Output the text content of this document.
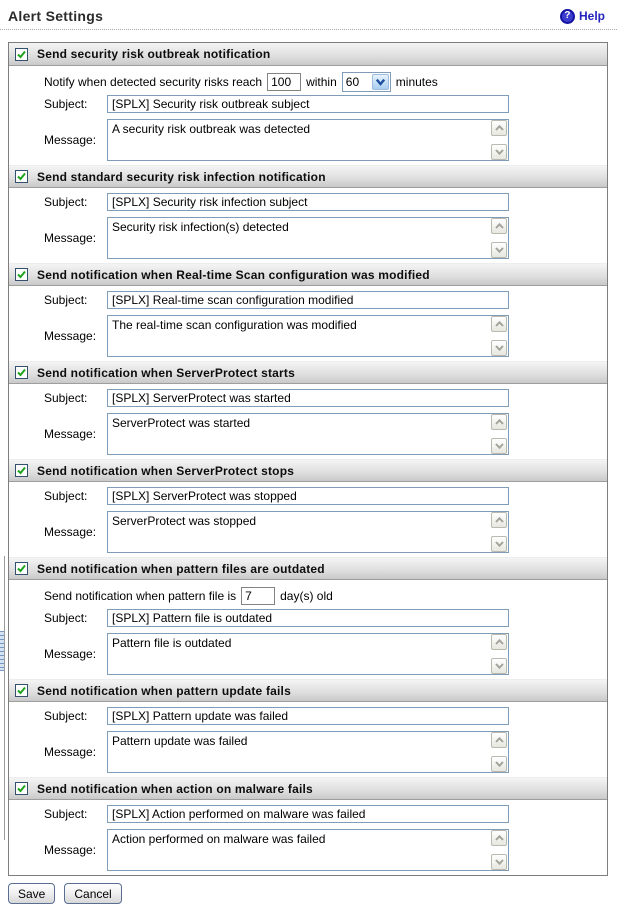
Alert Settings	? Help
Send security risk outbreak notification
Notify when detected security risks reach
100	within 60	minutes
Subject:
[SPLX] Security risk outbreak subject
Message:
A security risk outbreak was detected
Send standard security risk infection notification
Subject:
[SPLX] Security risk infection subject
Message:
Security risk infection(s) detected
Send notification when Real-time Scan configuration was modified
Subject:
[SPLX] Real-time scan configuration modified
Message:
The real-time scan configuration was modified
Send notification when ServerProtect starts
Subject:
[SPLX] ServerProtect was started
Message:
ServerProtect was started
Send notification when ServerProtect stops
Subject:
[SPLX] ServerProtect was stopped
Message:
ServerProtect was stopped
Send notification when pattern files are outdated
Send notification when pattern file is
7	day(s) old
Subject:
[SPLX] Pattern file is outdated
Message:
Pattern file is outdated
Send notification when pattern update fails
Subject:
[SPLX] Pattern update was failed
Message:
Pattern update was failed
Send notification when action on malware fails
Subject:
[SPLX] Action performed on malware was failed
Message:
Action performed on malware was failed
Save	Cancel
